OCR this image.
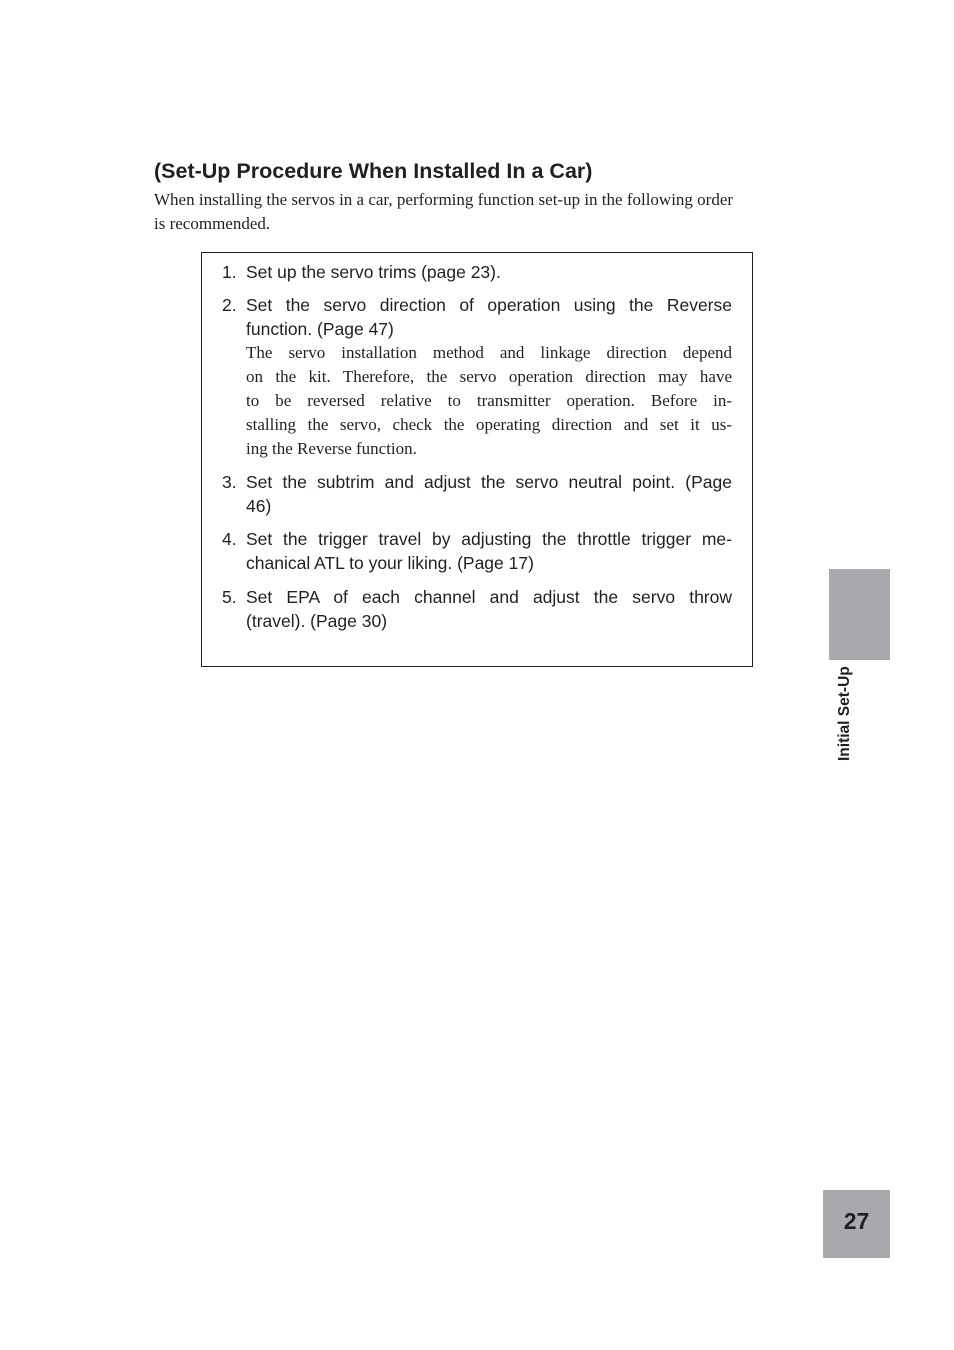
(Set-Up Procedure When Installed In a Car)

When installing the servos in a car, performing function set-up in the following order
is recommended.

1. Set up the servo trims (page 23).
2. Set the servo direction of operation using the Reverse
function. (Page 47)
The servo installation method and linkage direction depend
on the kit. Therefore, the servo operation direction may have
to be reversed relative to transmitter operation. Before in-
stalling the servo, check the operating direction and set it us-
ing the Reverse function.
3. Set the subtrim and adjust the servo neutral point. (Page
46)
4. Set the trigger travel by adjusting the throttle trigger me-
chanical ATL to your liking. (Page 17)
5. Set EPA of each channel and adjust the servo throw
(travel). (Page 30)
Initial Set-Up
27
